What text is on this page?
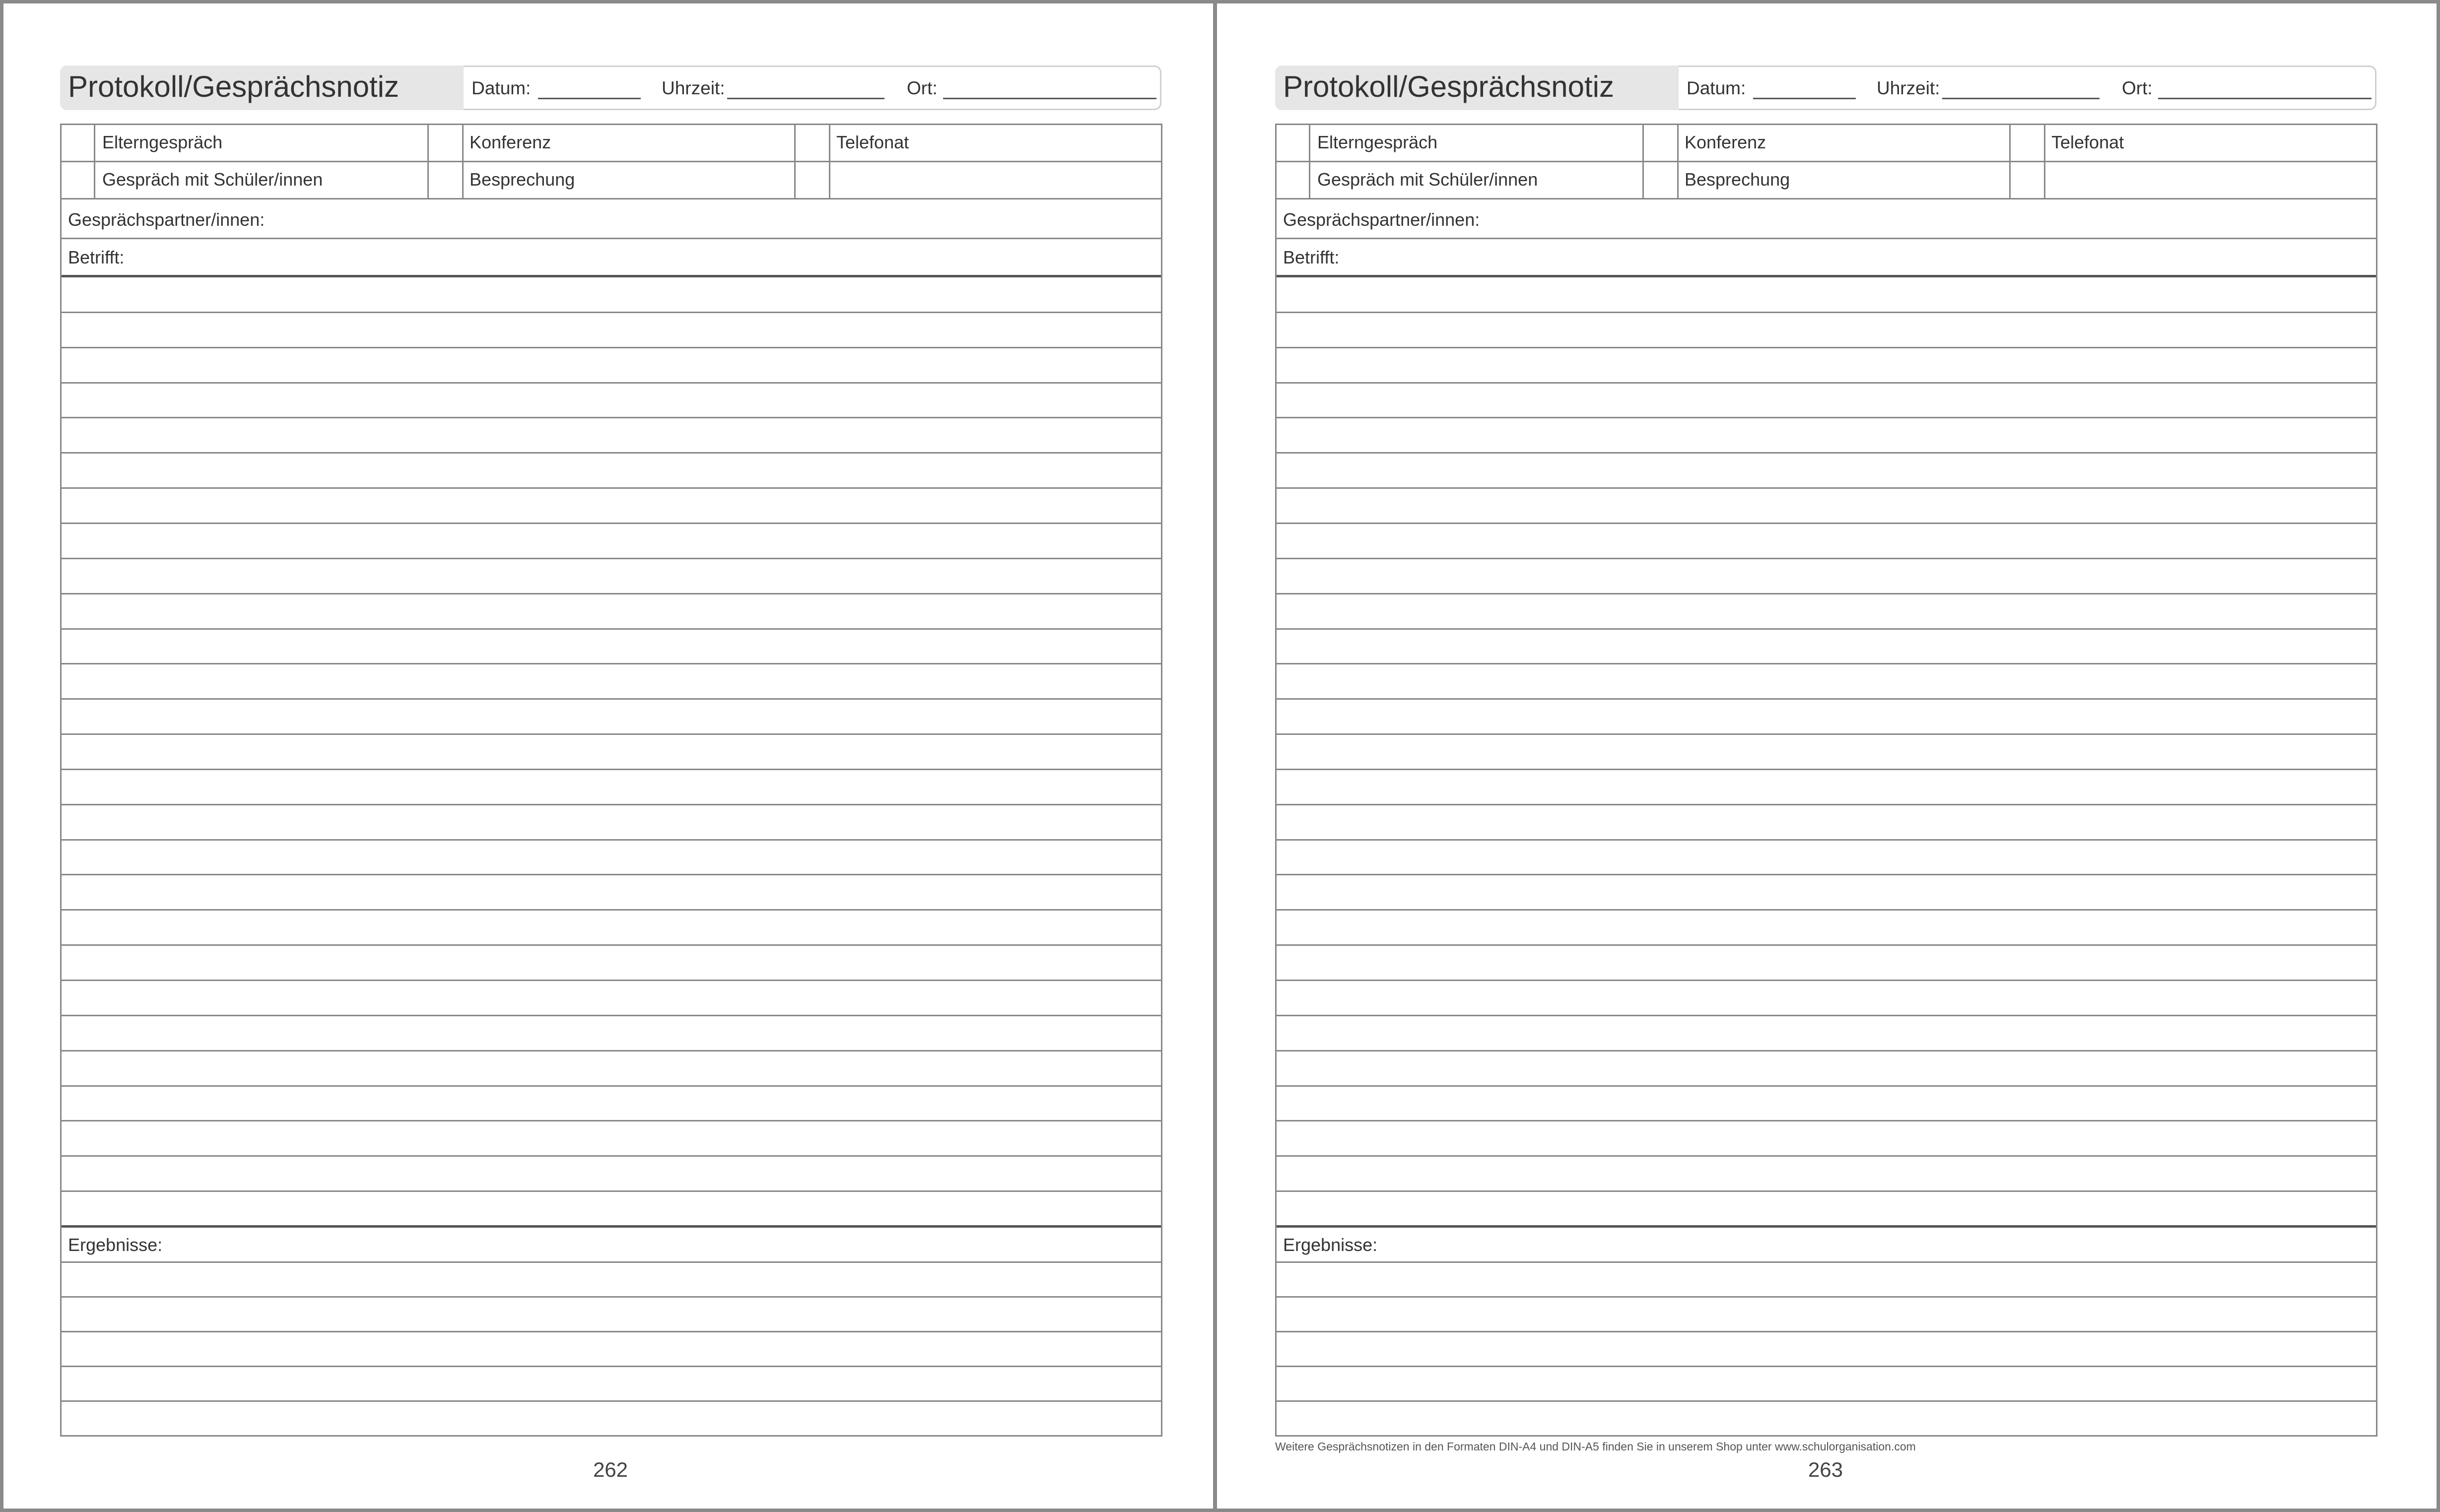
Protokoll/Gesprächsnotiz	Datum:	Uhrzeit:	Ort:
Elterngespräch	Konferenz	Telefonat
Gespräch mit Schüler/innen	Besprechung
Gesprächspartner/innen:
Betrifft:
Ergebnisse:
262
Protokoll/Gesprächsnotiz	Datum:	Uhrzeit:	Ort:
Elterngespräch	Konferenz	Telefonat
Gespräch mit Schüler/innen	Besprechung
Gesprächspartner/innen:
Betrifft:
Ergebnisse:
Weitere Gesprächsnotizen in den Formaten DIN-A4 und DIN-A5 finden Sie in unserem Shop unter www.schulorganisation.com
263
